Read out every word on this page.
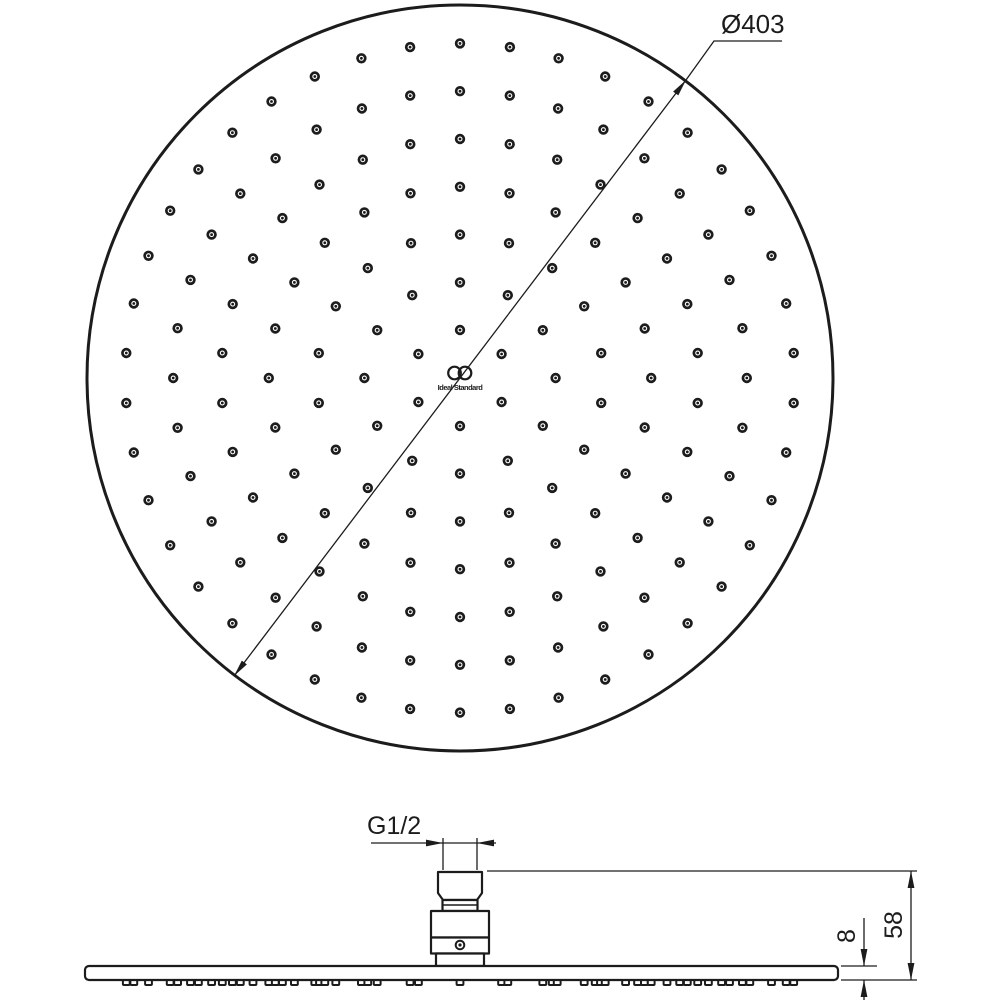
Ideal Standard
Ø403
G1/2
58
8
